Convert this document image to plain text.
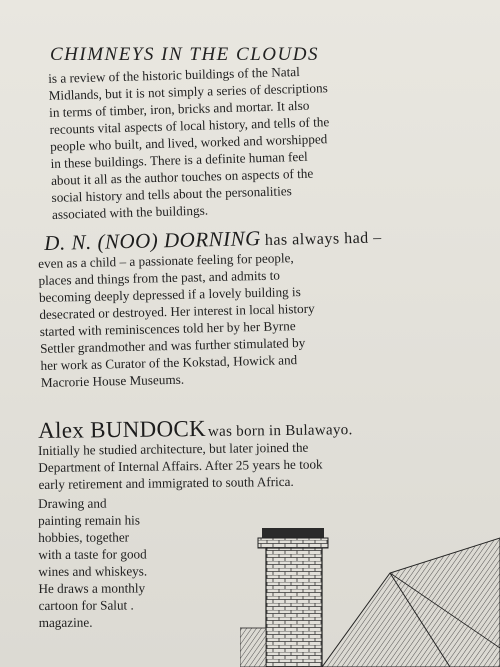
CHIMNEYS IN THE CLOUDS
is a review of the historic buildings of the Natal
Midlands, but it is not simply a series of descriptions
in terms of timber, iron, bricks and mortar. It also
recounts vital aspects of local history, and tells of the
people who built, and lived, worked and worshipped
in these buildings. There is a definite human feel
about it all as the author touches on aspects of the
social history and tells about the personalities
associated with the buildings.
D. N. (NOO) DORNING has always had –
even as a child – a passionate feeling for people,
places and things from the past, and admits to
becoming deeply depressed if a lovely building is
desecrated or destroyed. Her interest in local history
started with reminiscences told her by her Byrne
Settler grandmother and was further stimulated by
her work as Curator of the Kokstad, Howick and
Macrorie House Museums.
Alex BUNDOCK was born in Bulawayo.
Initially he studied architecture, but later joined the
Department of Internal Affairs. After 25 years he took
early retirement and immigrated to south Africa.
Drawing and
painting remain his
hobbies, together
with a taste for good
wines and whiskeys.
He draws a monthly
cartoon for Salut .
magazine.
